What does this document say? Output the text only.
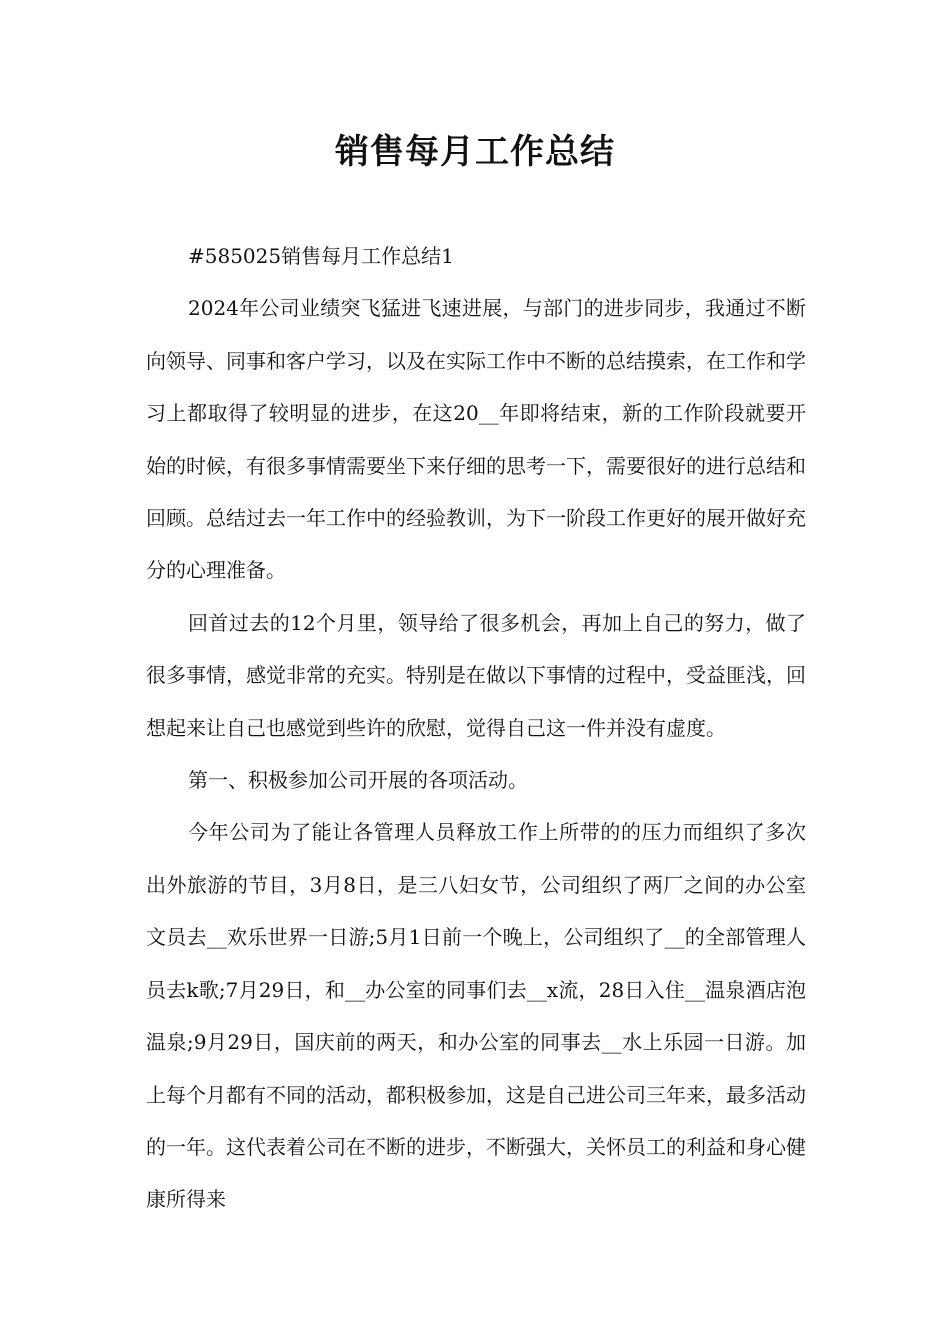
销售每月工作总结

#585025销售每月工作总结1

2024年公司业绩突飞猛进飞速进展，与部门的进步同步，我通过不断向领导、同事和客户学习，以及在实际工作中不断的总结摸索，在工作和学习上都取得了较明显的进步，在这20__年即将结束，新的工作阶段就要开始的时候，有很多事情需要坐下来仔细的思考一下，需要很好的进行总结和回顾。总结过去一年工作中的经验教训，为下一阶段工作更好的展开做好充分的心理准备。

回首过去的12个月里，领导给了很多机会，再加上自己的努力，做了很多事情，感觉非常的充实。特别是在做以下事情的过程中，受益匪浅，回想起来让自己也感觉到些许的欣慰，觉得自己这一件并没有虚度。

第一、积极参加公司开展的各项活动。

今年公司为了能让各管理人员释放工作上所带的的压力而组织了多次出外旅游的节目，3月8日，是三八妇女节，公司组织了两厂之间的办公室文员去__欢乐世界一日游;5月1日前一个晚上，公司组织了__的全部管理人员去k歌;7月29日，和__办公室的同事们去__x流，28日入住__温泉酒店泡温泉;9月29日，国庆前的两天，和办公室的同事去__水上乐园一日游。加上每个月都有不同的活动，都积极参加，这是自己进公司三年来，最多活动的一年。这代表着公司在不断的进步，不断强大，关怀员工的利益和身心健康所得来
